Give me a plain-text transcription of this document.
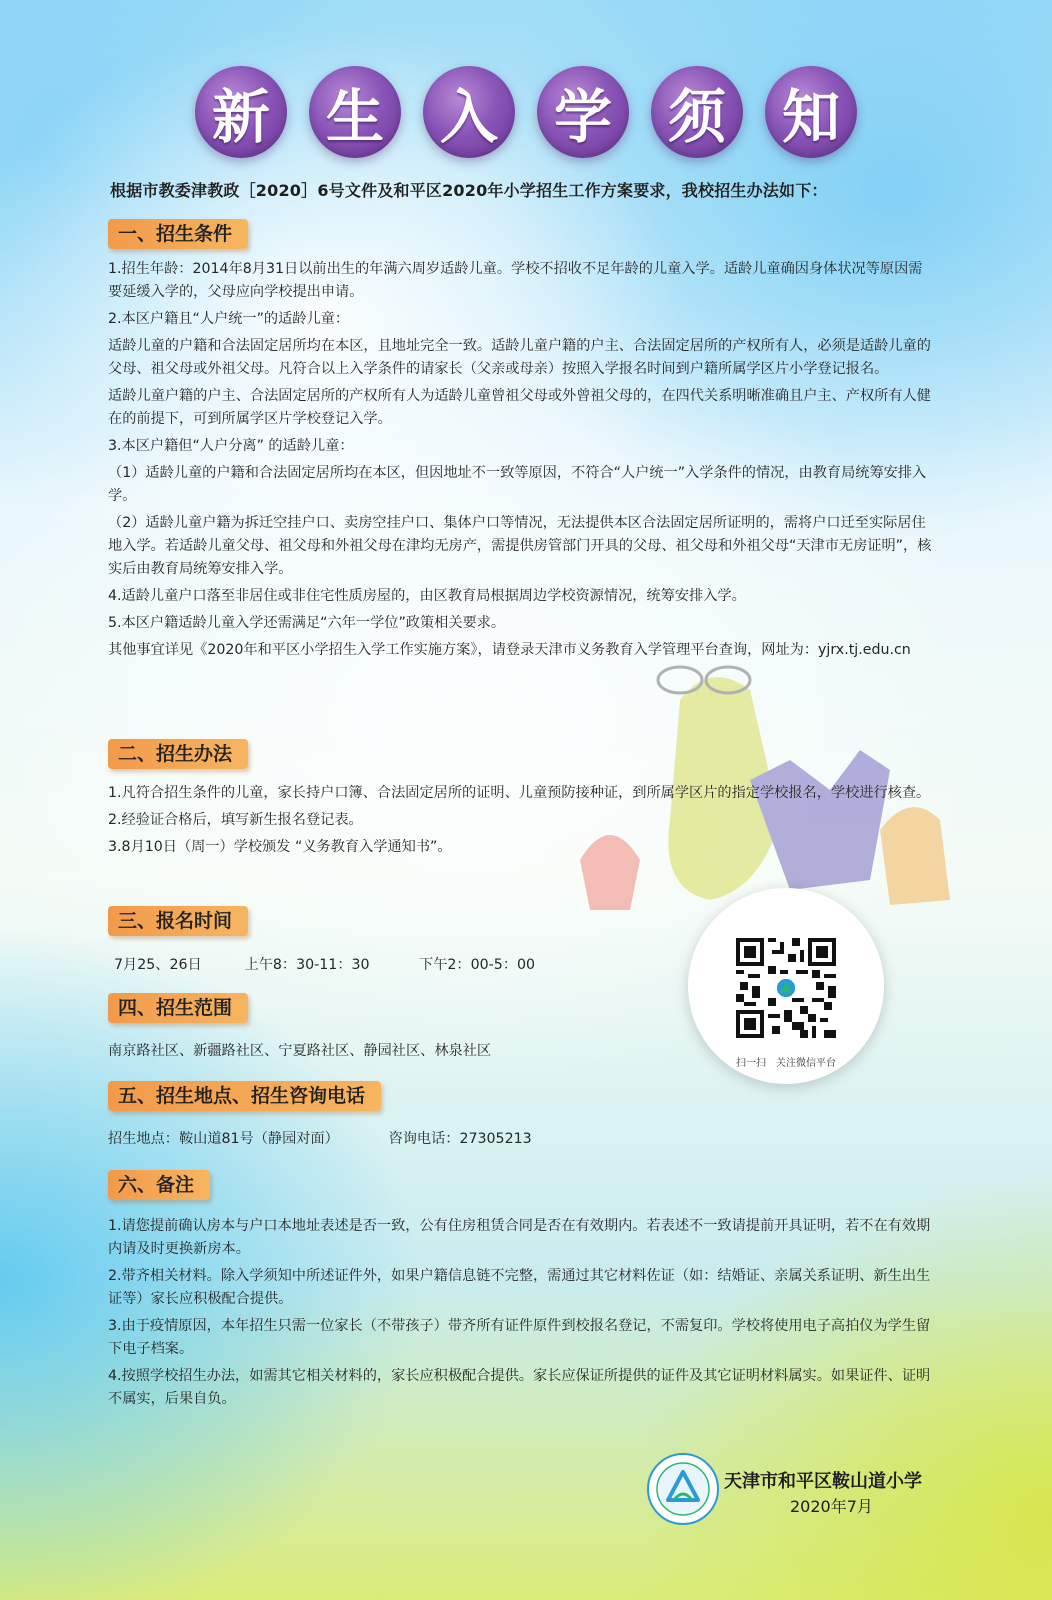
新 生 入 学 须 知
根据市教委津教政［2020］6号文件及和平区2020年小学招生工作方案要求，我校招生办法如下：
一、招生条件

1.招生年龄：2014年8月31日以前出生的年满六周岁适龄儿童。学校不招收不足年龄的儿童入学。适龄儿童确因身体状况等原因需要延缓入学的，父母应向学校提出申请。

2.本区户籍且“人户统一”的适龄儿童：

适龄儿童的户籍和合法固定居所均在本区，且地址完全一致。适龄儿童户籍的户主、合法固定居所的产权所有人，必须是适龄儿童的父母、祖父母或外祖父母。凡符合以上入学条件的请家长（父亲或母亲）按照入学报名时间到户籍所属学区片小学登记报名。

适龄儿童户籍的户主、合法固定居所的产权所有人为适龄儿童曾祖父母或外曾祖父母的，在四代关系明晰准确且户主、产权所有人健在的前提下，可到所属学区片学校登记入学。

3.本区户籍但“人户分离” 的适龄儿童：

（1）适龄儿童的户籍和合法固定居所均在本区，但因地址不一致等原因，不符合“人户统一”入学条件的情况，由教育局统筹安排入学。

（2）适龄儿童户籍为拆迁空挂户口、卖房空挂户口、集体户口等情况，无法提供本区合法固定居所证明的，需将户口迁至实际居住地入学。若适龄儿童父母、祖父母和外祖父母在津均无房产，需提供房管部门开具的父母、祖父母和外祖父母“天津市无房证明”，核实后由教育局统筹安排入学。

4.适龄儿童户口落至非居住或非住宅性质房屋的，由区教育局根据周边学校资源情况，统筹安排入学。

5.本区户籍适龄儿童入学还需满足“六年一学位”政策相关要求。

其他事宜详见《2020年和平区小学招生入学工作实施方案》，请登录天津市义务教育入学管理平台查询，网址为：yjrx.tj.edu.cn

二、招生办法

1.凡符合招生条件的儿童，家长持户口簿、合法固定居所的证明、儿童预防接种证，到所属学区片的指定学校报名，学校进行核查。

2.经验证合格后，填写新生报名登记表。

3.8月10日（周一）学校颁发 “义务教育入学通知书”。

三、报名时间
7月25、26日	上午8：30-11：30	下午2：00-5：00
四、招生范围
南京路社区、新疆路社区、宁夏路社区、静园社区、林泉社区
五、招生地点、招生咨询电话
招生地点：鞍山道81号（静园对面）	咨询电话：27305213
六、备注

1.请您提前确认房本与户口本地址表述是否一致，公有住房租赁合同是否在有效期内。若表述不一致请提前开具证明，若不在有效期内请及时更换新房本。

2.带齐相关材料。除入学须知中所述证件外，如果户籍信息链不完整，需通过其它材料佐证（如：结婚证、亲属关系证明、新生出生证等）家长应积极配合提供。

3.由于疫情原因，本年招生只需一位家长（不带孩子）带齐所有证件原件到校报名登记，不需复印。学校将使用电子高拍仪为学生留下电子档案。

4.按照学校招生办法，如需其它相关材料的，家长应积极配合提供。家长应保证所提供的证件及其它证明材料属实。如果证件、证明不属实，后果自负。

扫一扫　关注微信平台
天津市和平区鞍山道小学
2020年7月
